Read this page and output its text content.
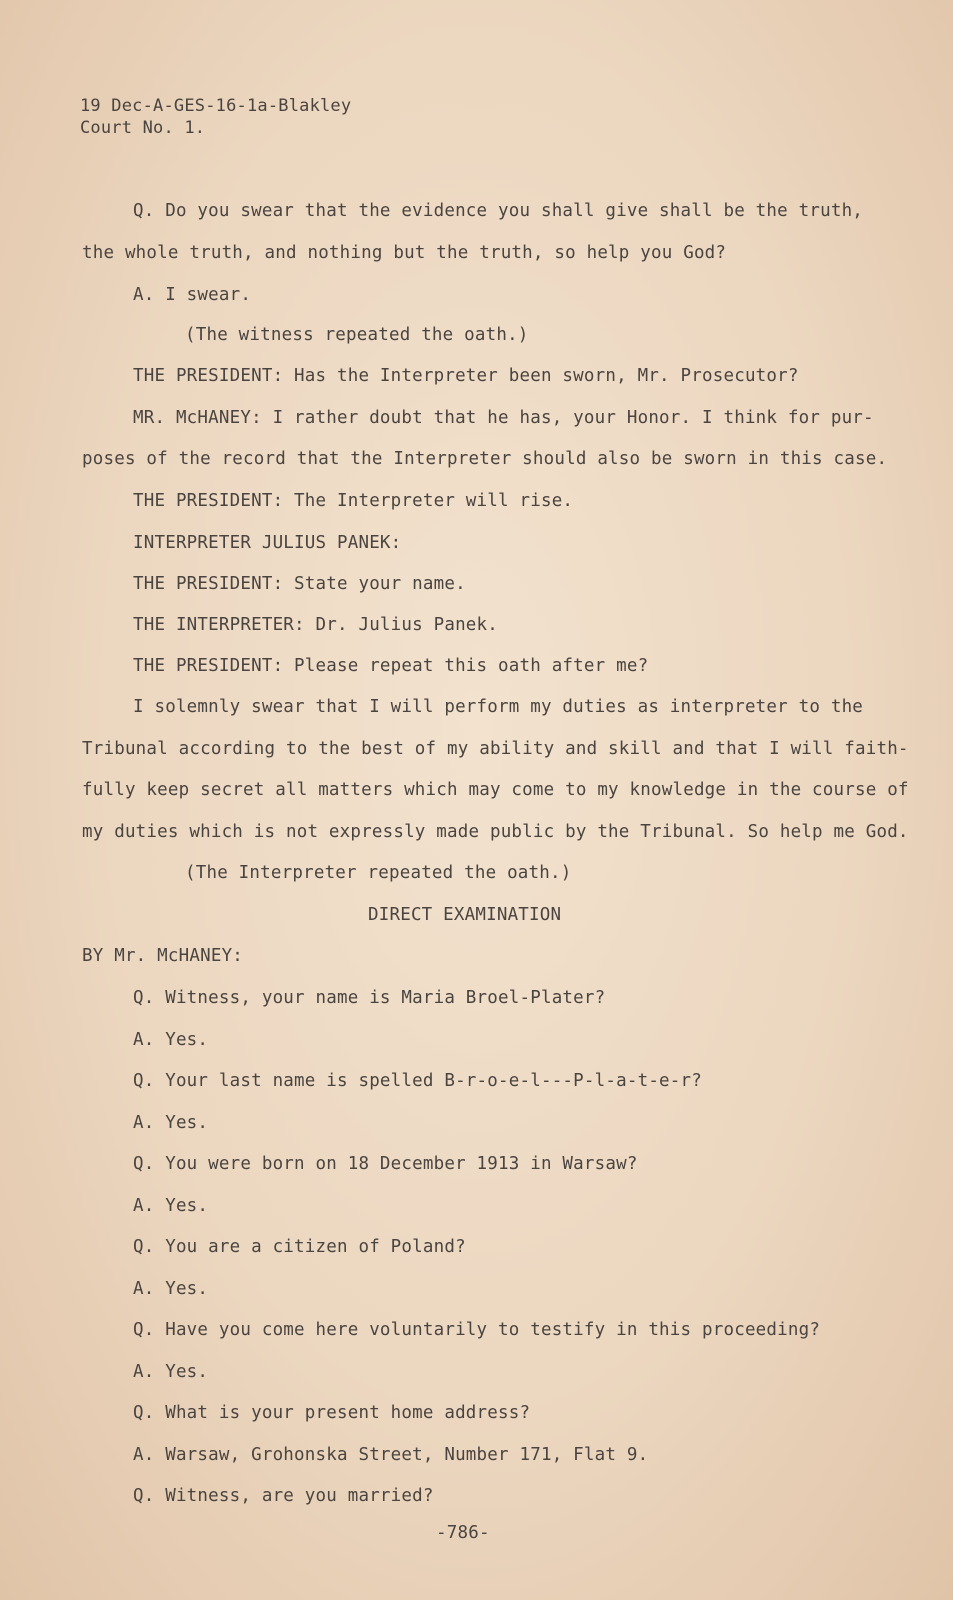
19 Dec-A-GES-16-1a-Blakley
Court No. 1.
Q. Do you swear that the evidence you shall give shall be the truth,
the whole truth, and nothing but the truth, so help you God?
A. I swear.
(The witness repeated the oath.)
THE PRESIDENT: Has the Interpreter been sworn, Mr. Prosecutor?
MR. McHANEY: I rather doubt that he has, your Honor. I think for pur-
poses of the record that the Interpreter should also be sworn in this case.
THE PRESIDENT: The Interpreter will rise.
INTERPRETER JULIUS PANEK:
THE PRESIDENT: State your name.
THE INTERPRETER: Dr. Julius Panek.
THE PRESIDENT: Please repeat this oath after me?
I solemnly swear that I will perform my duties as interpreter to the
Tribunal according to the best of my ability and skill and that I will faith-
fully keep secret all matters which may come to my knowledge in the course of
my duties which is not expressly made public by the Tribunal. So help me God.
(The Interpreter repeated the oath.)
DIRECT EXAMINATION
BY Mr. McHANEY:
Q. Witness, your name is Maria Broel-Plater?
A. Yes.
Q. Your last name is spelled B-r-o-e-l---P-l-a-t-e-r?
A. Yes.
Q. You were born on 18 December 1913 in Warsaw?
A. Yes.
Q. You are a citizen of Poland?
A. Yes.
Q. Have you come here voluntarily to testify in this proceeding?
A. Yes.
Q. What is your present home address?
A. Warsaw, Grohonska Street, Number 171, Flat 9.
Q. Witness, are you married?
-786-
